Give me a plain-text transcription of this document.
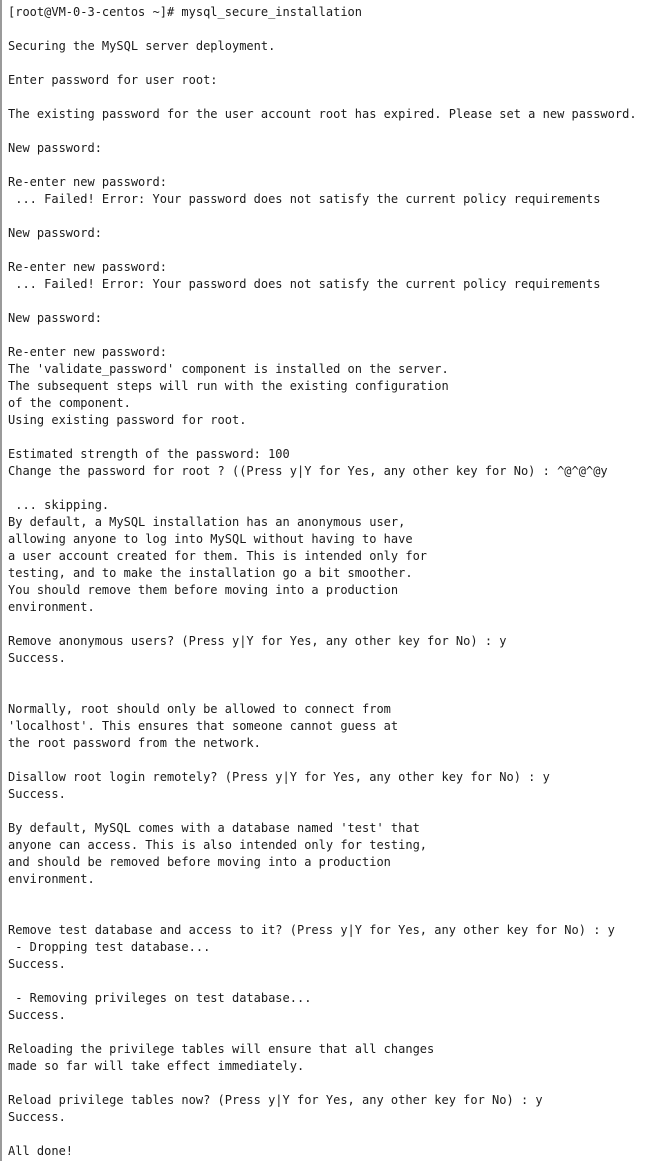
[root@VM-0-3-centos ~]# mysql_secure_installation
Securing the MySQL server deployment.
Enter password for user root:
The existing password for the user account root has expired. Please set a new password.
New password:
Re-enter new password:
... Failed! Error: Your password does not satisfy the current policy requirements
New password:
Re-enter new password:
... Failed! Error: Your password does not satisfy the current policy requirements
New password:
Re-enter new password:
The 'validate_password' component is installed on the server.
The subsequent steps will run with the existing configuration
of the component.
Using existing password for root.
Estimated strength of the password: 100
Change the password for root ? ((Press y|Y for Yes, any other key for No) : ^@^@^@y
... skipping.
By default, a MySQL installation has an anonymous user,
allowing anyone to log into MySQL without having to have
a user account created for them. This is intended only for
testing, and to make the installation go a bit smoother.
You should remove them before moving into a production
environment.
Remove anonymous users? (Press y|Y for Yes, any other key for No) : y
Success.
Normally, root should only be allowed to connect from
'localhost'. This ensures that someone cannot guess at
the root password from the network.
Disallow root login remotely? (Press y|Y for Yes, any other key for No) : y
Success.
By default, MySQL comes with a database named 'test' that
anyone can access. This is also intended only for testing,
and should be removed before moving into a production
environment.
Remove test database and access to it? (Press y|Y for Yes, any other key for No) : y
- Dropping test database...
Success.
- Removing privileges on test database...
Success.
Reloading the privilege tables will ensure that all changes
made so far will take effect immediately.
Reload privilege tables now? (Press y|Y for Yes, any other key for No) : y
Success.
All done!
